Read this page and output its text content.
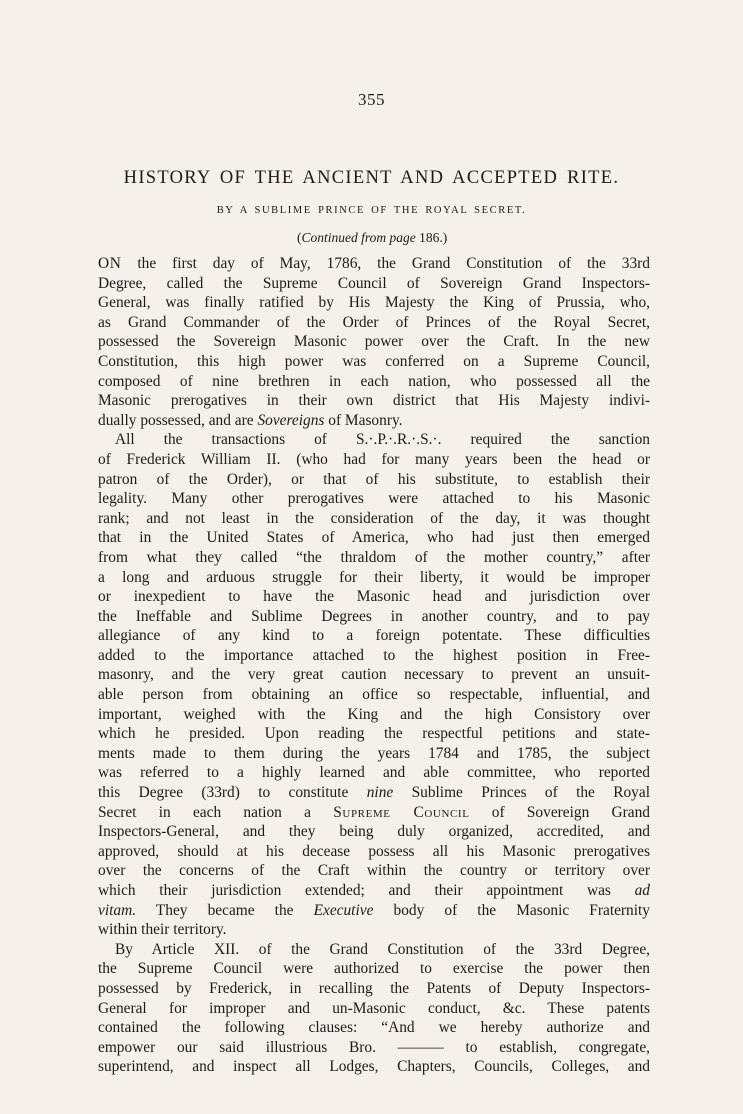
355
HISTORY OF THE ANCIENT AND ACCEPTED RITE.
BY A SUBLIME PRINCE OF THE ROYAL SECRET.
(Continued from page 186.)
ON the first day of May, 1786, the Grand Constitution of the 33rd
Degree, called the Supreme Council of Sovereign Grand Inspectors-
General, was finally ratified by His Majesty the King of Prussia, who,
as Grand Commander of the Order of Princes of the Royal Secret,
possessed the Sovereign Masonic power over the Craft. In the new
Constitution, this high power was conferred on a Supreme Council,
composed of nine brethren in each nation, who possessed all the
Masonic prerogatives in their own district that His Majesty indivi-
dually possessed, and are Sovereigns of Masonry.
All the transactions of S.·.P.·.R.·.S.·. required the sanction
of Frederick William II. (who had for many years been the head or
patron of the Order), or that of his substitute, to establish their
legality. Many other prerogatives were attached to his Masonic
rank; and not least in the consideration of the day, it was thought
that in the United States of America, who had just then emerged
from what they called “the thraldom of the mother country,” after
a long and arduous struggle for their liberty, it would be improper
or inexpedient to have the Masonic head and jurisdiction over
the Ineffable and Sublime Degrees in another country, and to pay
allegiance of any kind to a foreign potentate. These difficulties
added to the importance attached to the highest position in Free-
masonry, and the very great caution necessary to prevent an unsuit-
able person from obtaining an office so respectable, influential, and
important, weighed with the King and the high Consistory over
which he presided. Upon reading the respectful petitions and state-
ments made to them during the years 1784 and 1785, the subject
was referred to a highly learned and able committee, who reported
this Degree (33rd) to constitute nine Sublime Princes of the Royal
Secret in each nation a Supreme Council of Sovereign Grand
Inspectors-General, and they being duly organized, accredited, and
approved, should at his decease possess all his Masonic prerogatives
over the concerns of the Craft within the country or territory over
which their jurisdiction extended; and their appointment was ad
vitam. They became the Executive body of the Masonic Fraternity
within their territory.
By Article XII. of the Grand Constitution of the 33rd Degree,
the Supreme Council were authorized to exercise the power then
possessed by Frederick, in recalling the Patents of Deputy Inspectors-
General for improper and un-Masonic conduct, &c. These patents
contained the following clauses: “And we hereby authorize and
empower our said illustrious Bro. ——— to establish, congregate,
superintend, and inspect all Lodges, Chapters, Councils, Colleges, and
